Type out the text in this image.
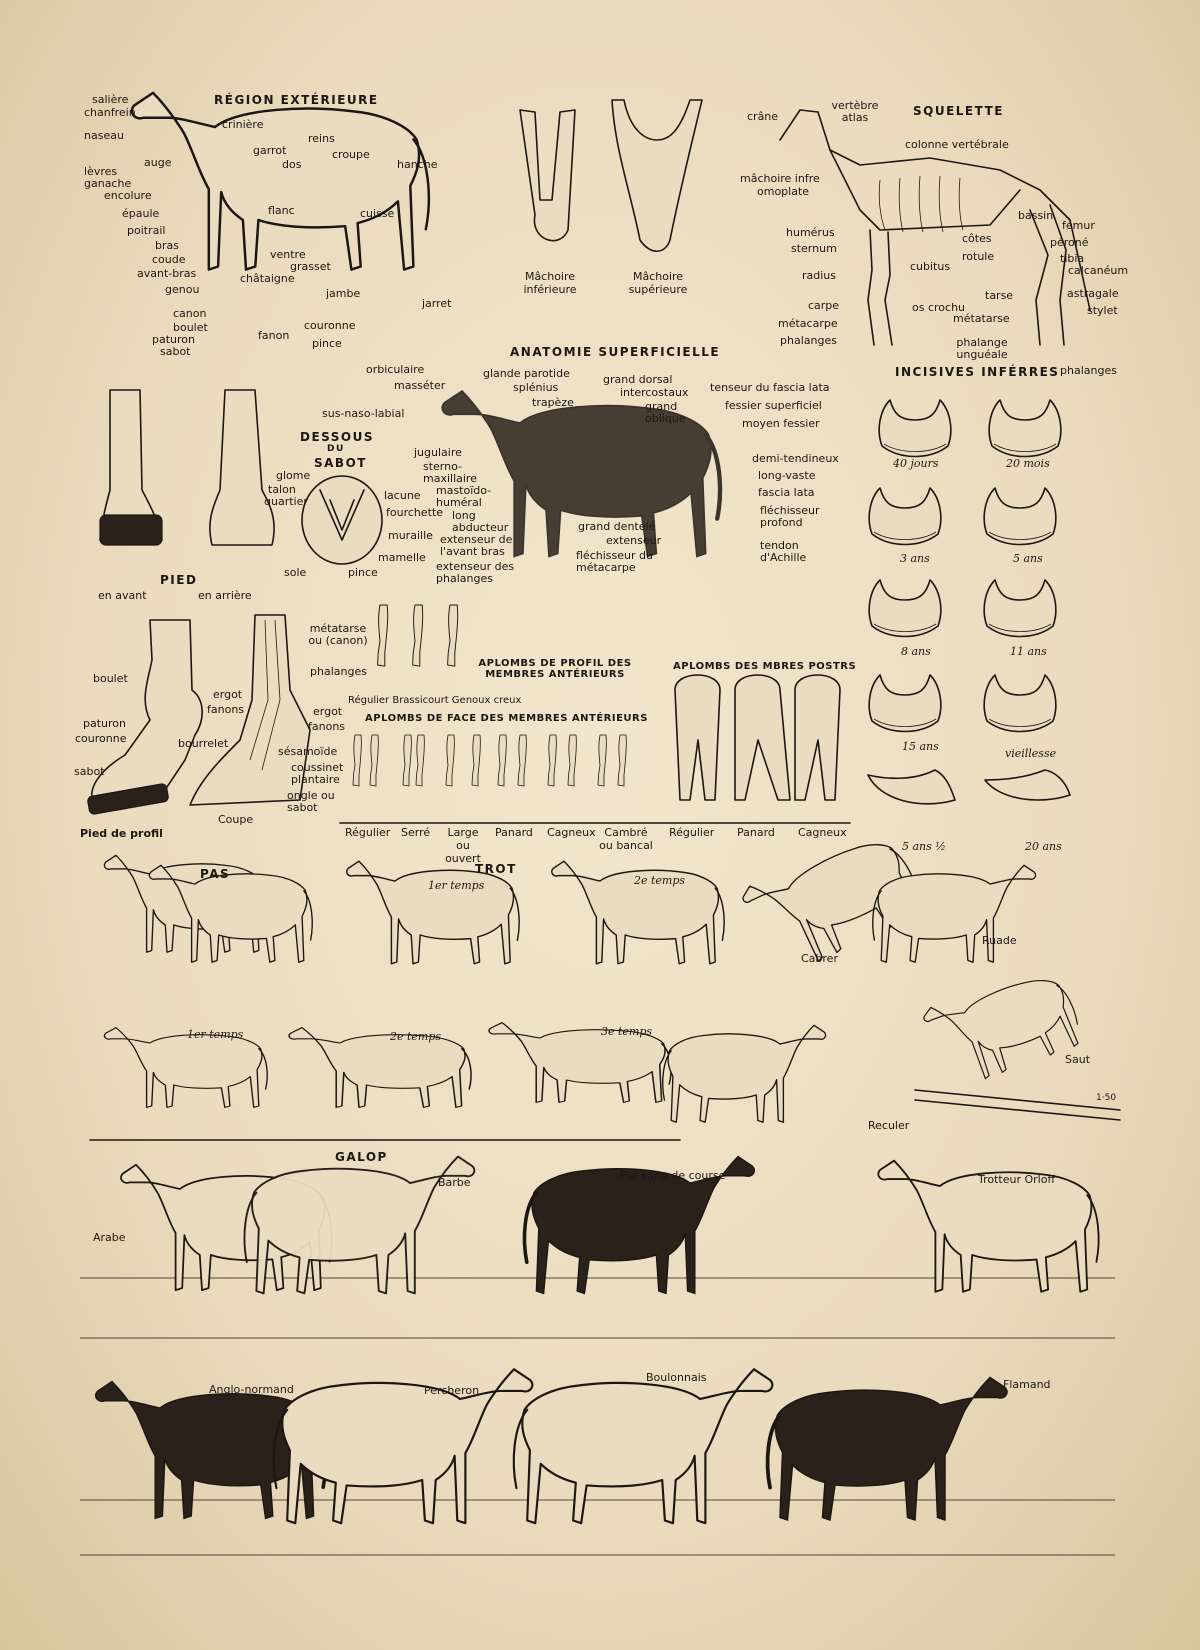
RÉGION EXTÉRIEURE
SQUELETTE
ANATOMIE SUPERFICIELLE
DESSOUS
DU
SABOT
INCISIVES INFÉRRES
APLOMBS DE PROFIL DES MEMBRES ANTÉRIEURS
APLOMBS DE FACE DES MEMBRES ANTÉRIEURS
APLOMBS DES MBRES POSTRS
PAS	TROT
GALOP
PIED
salière
chanfrein
naseau
lèvres
ganache
encolure
épaule
poitrail
bras
coude
avant-bras
genou
canon
boulet
paturon
sabot
auge
crinière
garrot
dos
reins
croupe
hanche
flanc	cuisse
ventre
grasset
châtaigne
jambe
jarret
couronne
pince
fanon
Mâchoire inférieure
Mâchoire supérieure
crâne
vertèbre atlas
colonne vertébrale
mâchoire infre
omoplate
humérus
sternum
radius
carpe
métacarpe
phalanges
bassin
fémur
côtes
rotule
péroné
tibia
calcanéum
cubitus
tarse	astragale
stylet
os crochu
métatarse
phalange unguéale
phalanges
orbiculaire
masséter
glande parotide
splénius
trapèze
grand dorsal
intercostaux
grand oblique
tenseur du fascia lata
fessier superficiel
moyen fessier
sus-naso-labial
jugulaire
sterno-maxillaire
mastoïdo-huméral
long abducteur
extenseur de l'avant bras
extenseur des phalanges
demi-tendineux
long-vaste
fascia lata
fléchisseur profond
grand dentelé
extenseur
fléchisseur du métacarpe
tendon d'Achille
glome
talon
quartier	lacune
fourchette
muraille
mamelle
sole	pince
en avant	en arrière
boulet
paturon
couronne
sabot
ergot
fanons
bourrelet
Pied de profil
métatarse ou (canon)
phalanges
ergot
fanons
sésamoïde
coussinet plantaire
ongle ou sabot
Coupe
Régulier Brassicourt Genoux creux
Régulier Serré	Large ou ouvert
Panard Cagneux Cambré ou bancal
Régulier Panard Cagneux
40 jours	20 mois
3 ans	5 ans
8 ans	11 ans
15 ans
vieillesse
5 ans ½	20 ans
1er temps	2e temps
1er temps	2e temps	3e temps
Cabrer
Ruade
Saut
Reculer
1·50
Arabe
Barbe
Pur sang de course	Trotteur Orloff
Anglo-normand	Percheron
Boulonnais
Flamand
